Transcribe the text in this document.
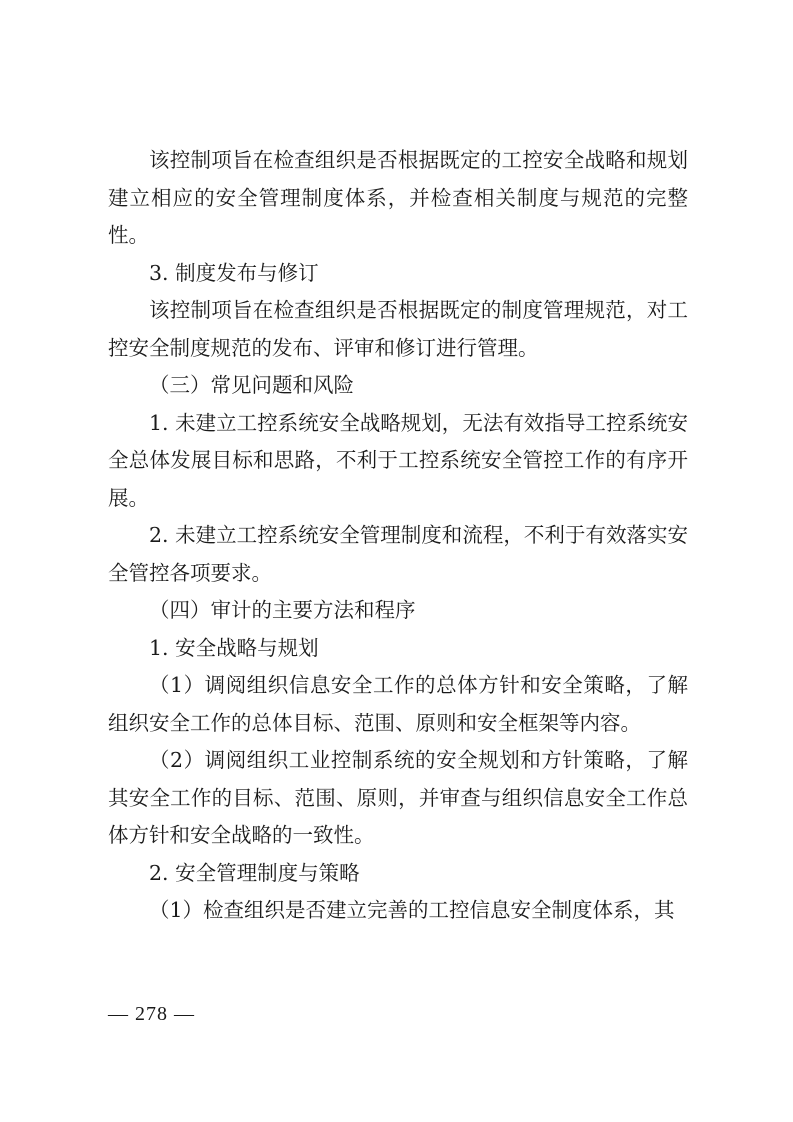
该控制项旨在检查组织是否根据既定的工控安全战略和规划建立相应的安全管理制度体系，并检查相关制度与规范的完整性。

3. 制度发布与修订

该控制项旨在检查组织是否根据既定的制度管理规范，对工控安全制度规范的发布、评审和修订进行管理。

（三）常见问题和风险

1. 未建立工控系统安全战略规划，无法有效指导工控系统安全总体发展目标和思路，不利于工控系统安全管控工作的有序开展。

2. 未建立工控系统安全管理制度和流程，不利于有效落实安全管控各项要求。

（四）审计的主要方法和程序

1. 安全战略与规划

（1）调阅组织信息安全工作的总体方针和安全策略，了解组织安全工作的总体目标、范围、原则和安全框架等内容。

（2）调阅组织工业控制系统的安全规划和方针策略，了解其安全工作的目标、范围、原则，并审查与组织信息安全工作总体方针和安全战略的一致性。

2. 安全管理制度与策略

（1）检查组织是否建立完善的工控信息安全制度体系，其

— 278 —
